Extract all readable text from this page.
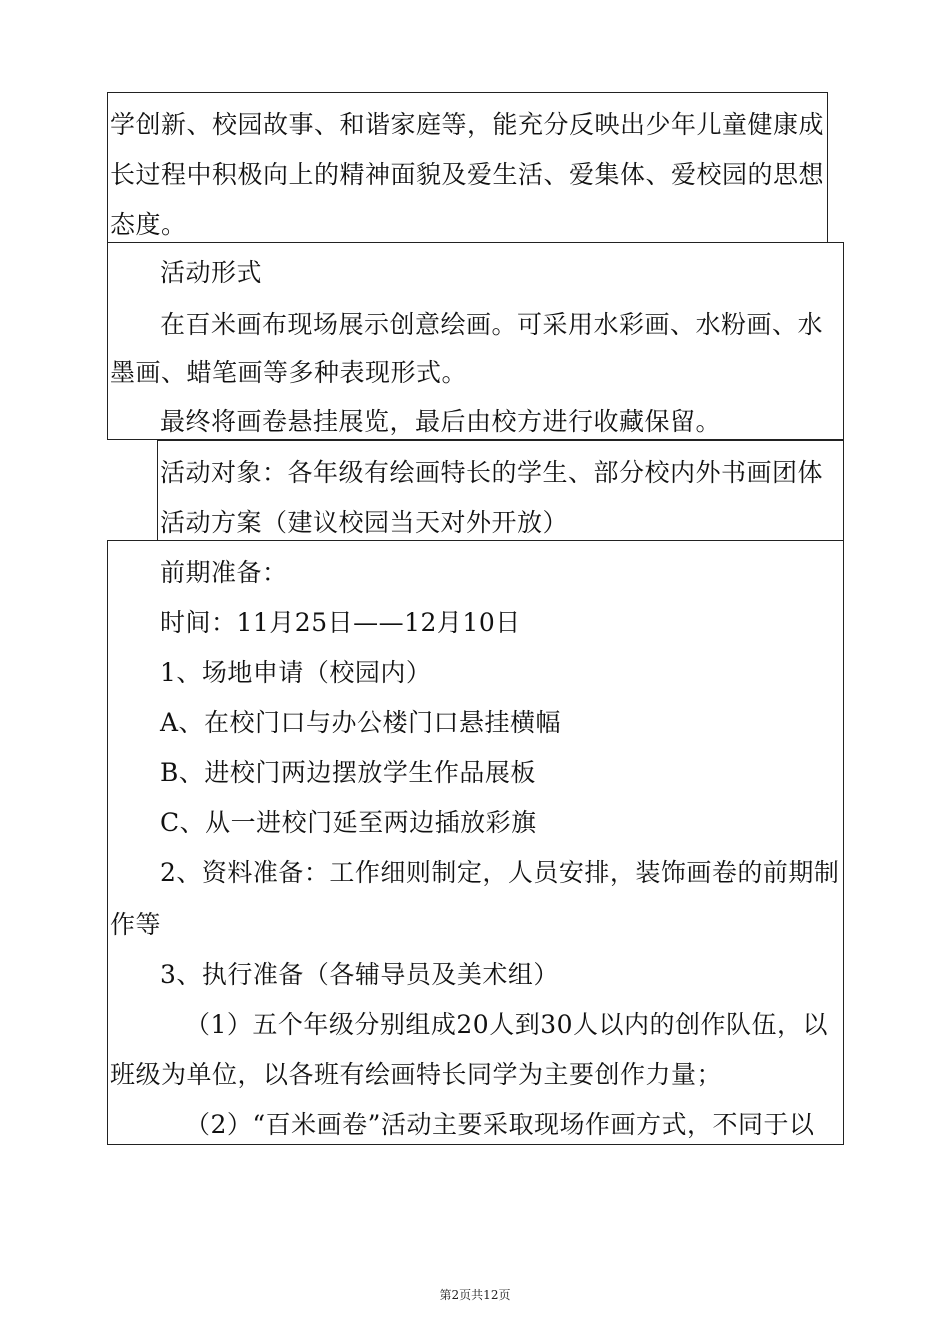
学创新、校园故事、和谐家庭等，能充分反映出少年儿童健康成
长过程中积极向上的精神面貌及爱生活、爱集体、爱校园的思想
态度。
活动形式
在百米画布现场展示创意绘画。可采用水彩画、水粉画、水
墨画、蜡笔画等多种表现形式。
最终将画卷悬挂展览，最后由校方进行收藏保留。
活动对象：各年级有绘画特长的学生、部分校内外书画团体
活动方案（建议校园当天对外开放）
前期准备：
时间：11月25日——12月10日
1、场地申请（校园内）
A、在校门口与办公楼门口悬挂横幅
B、进校门两边摆放学生作品展板
C、从一进校门延至两边插放彩旗
2、资料准备：工作细则制定，人员安排，装饰画卷的前期制
作等
3、执行准备（各辅导员及美术组）
（1）五个年级分别组成20人到30人以内的创作队伍，以
班级为单位，以各班有绘画特长同学为主要创作力量；
（2）“百米画卷”活动主要采取现场作画方式，不同于以
第2页共12页
